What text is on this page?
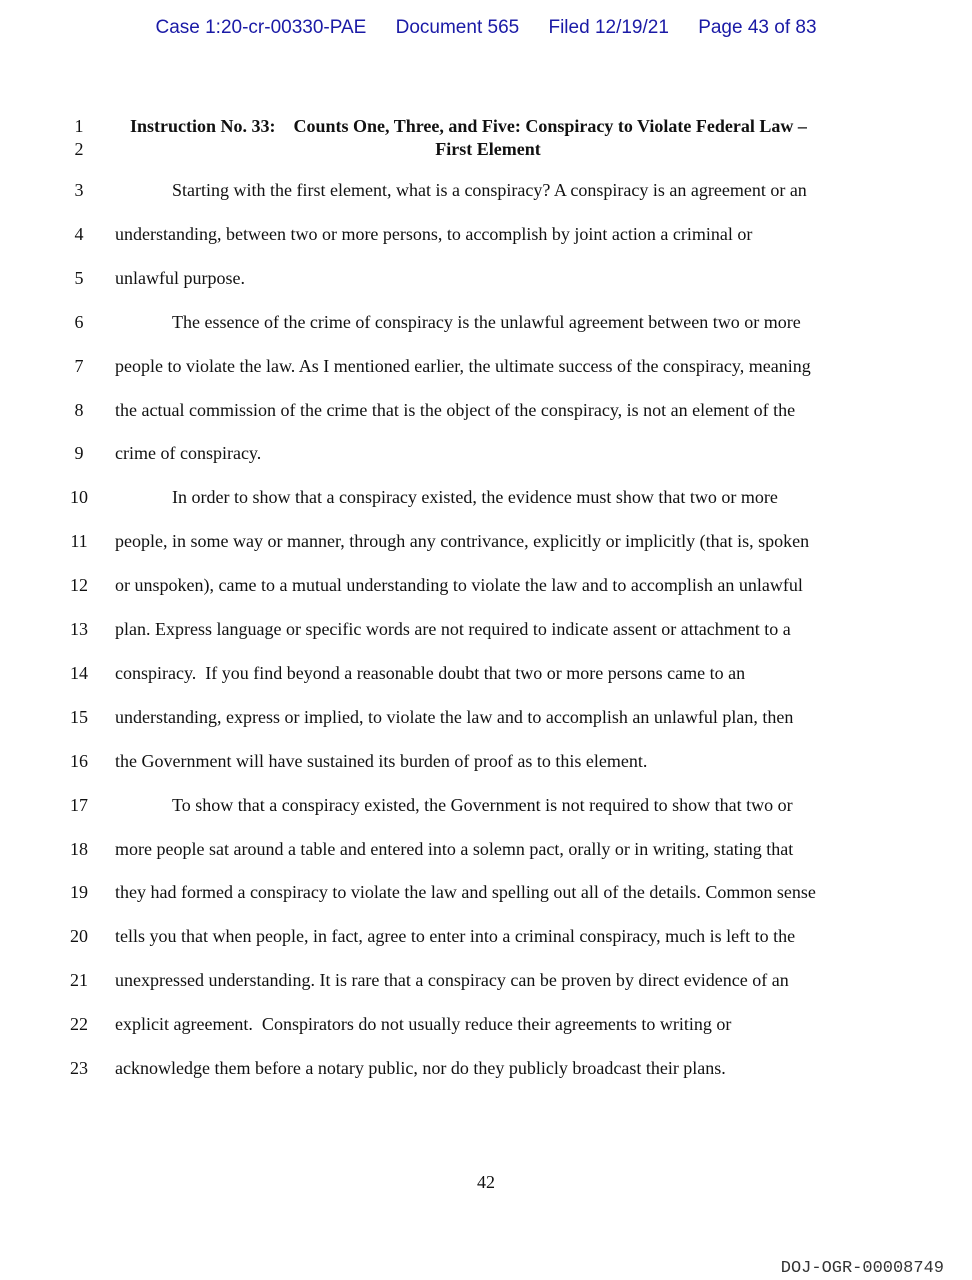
Case 1:20-cr-00330-PAE Document 565 Filed 12/19/21 Page 43 of 83
1	Instruction No. 33:    Counts One, Three, and Five: Conspiracy to Violate Federal Law –
2	First Element
3	Starting with the first element, what is a conspiracy? A conspiracy is an agreement or an
4	understanding, between two or more persons, to accomplish by joint action a criminal or
5	unlawful purpose.
6	The essence of the crime of conspiracy is the unlawful agreement between two or more
7	people to violate the law. As I mentioned earlier, the ultimate success of the conspiracy, meaning
8	the actual commission of the crime that is the object of the conspiracy, is not an element of the
9	crime of conspiracy.
10	In order to show that a conspiracy existed, the evidence must show that two or more
11 people, in some way or manner, through any contrivance, explicitly or implicitly (that is, spoken
12 or unspoken), came to a mutual understanding to violate the law and to accomplish an unlawful
13 plan. Express language or specific words are not required to indicate assent or attachment to a
14 conspiracy.  If you find beyond a reasonable doubt that two or more persons came to an
15 understanding, express or implied, to violate the law and to accomplish an unlawful plan, then
16 the Government will have sustained its burden of proof as to this element.
17	To show that a conspiracy existed, the Government is not required to show that two or
18 more people sat around a table and entered into a solemn pact, orally or in writing, stating that
19 they had formed a conspiracy to violate the law and spelling out all of the details. Common sense
20 tells you that when people, in fact, agree to enter into a criminal conspiracy, much is left to the
21 unexpressed understanding. It is rare that a conspiracy can be proven by direct evidence of an
22 explicit agreement.  Conspirators do not usually reduce their agreements to writing or
23 acknowledge them before a notary public, nor do they publicly broadcast their plans.
42
DOJ-OGR-00008749
